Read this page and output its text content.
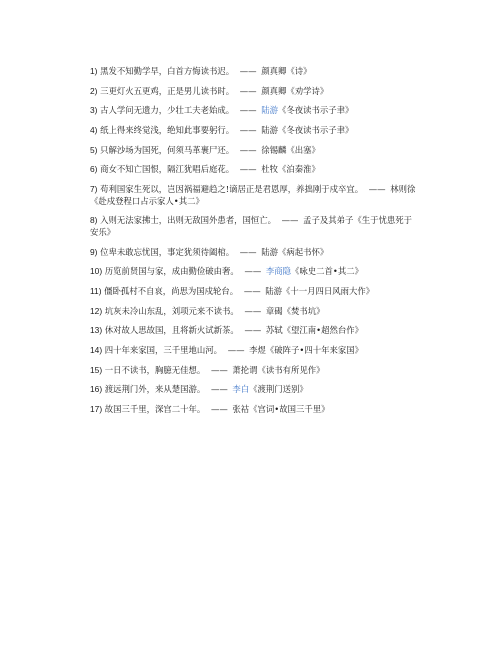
1) 黑发不知勤学早，白首方悔读书迟。 —— 颜真卿《诗》

2) 三更灯火五更鸡，正是男儿读书时。 —— 颜真卿《劝学诗》

3) 古人学问无遗力，少壮工夫老始成。 —— 陆游《冬夜读书示子聿》

4) 纸上得来终觉浅，绝知此事要躬行。 —— 陆游《冬夜读书示子聿》

5) 只解沙场为国死，何须马革裹尸还。 —— 徐锡麟《出塞》

6) 商女不知亡国恨，隔江犹唱后庭花。 —— 杜牧《泊秦淮》

7) 苟利国家生死以，岂因祸福避趋之!谪居正是君恩厚，养拙刚于戍卒宜。 —— 林则徐《赴戍登程口占示家人•其二》

8) 入则无法家拂士，出则无敌国外患者，国恒亡。 —— 孟子及其弟子《生于忧患死于安乐》

9) 位卑未敢忘忧国，事定犹须待阖棺。 —— 陆游《病起书怀》

10) 历览前贤国与家，成由勤俭破由奢。 —— 李商隐《咏史二首•其二》

11) 僵卧孤村不自哀，尚思为国戍轮台。 —— 陆游《十一月四日风雨大作》

12) 坑灰未冷山东乱，刘项元来不读书。 —— 章碣《焚书坑》

13) 休对故人思故国，且将新火试新茶。 —— 苏轼《望江南•超然台作》

14) 四十年来家国，三千里地山河。 —— 李煜《破阵子•四十年来家国》

15) 一日不读书，胸臆无佳想。 —— 萧抡谓《读书有所见作》

16) 渡远荆门外，来从楚国游。 —— 李白《渡荆门送别》

17) 故国三千里，深宫二十年。 —— 张祜《宫词•故国三千里》
